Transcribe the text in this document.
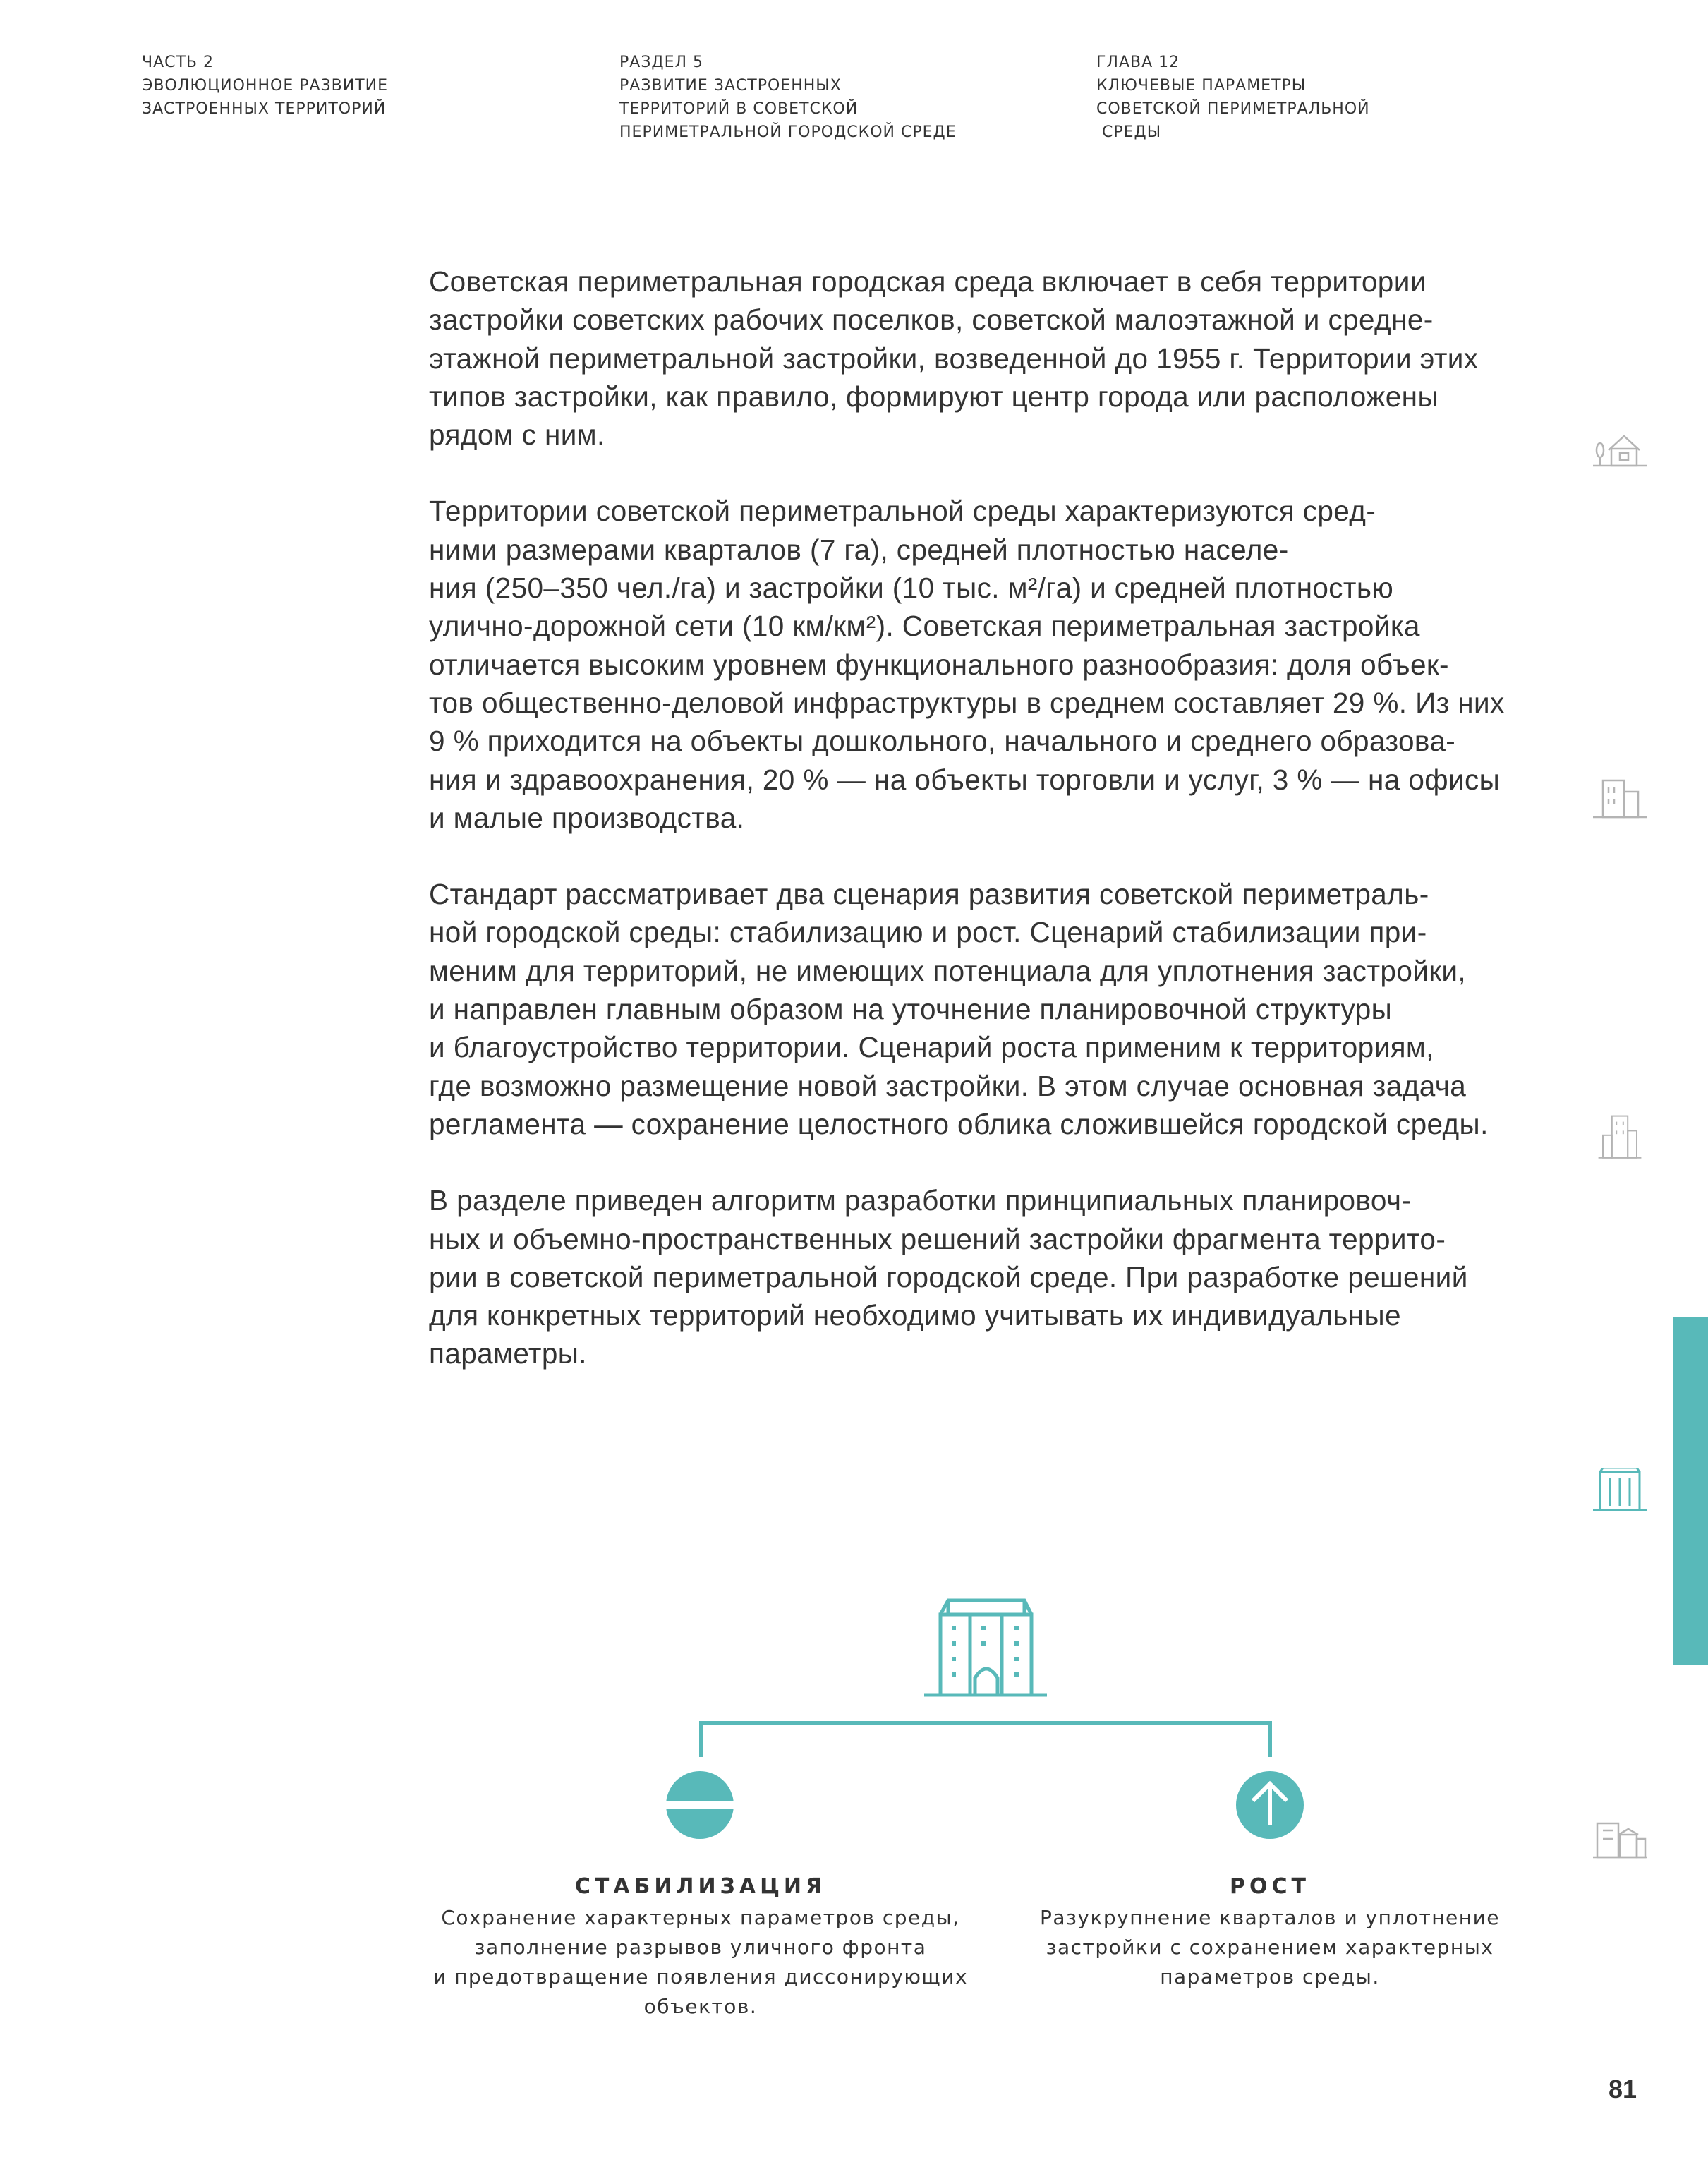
ЧАСТЬ 2
ЭВОЛЮЦИОННОЕ РАЗВИТИЕ
ЗАСТРОЕННЫХ ТЕРРИТОРИЙ
РАЗДЕЛ 5
РАЗВИТИЕ ЗАСТРОЕННЫХ
ТЕРРИТОРИЙ В СОВЕТСКОЙ
ПЕРИМЕТРАЛЬНОЙ ГОРОДСКОЙ СРЕДЕ
ГЛАВА 12
КЛЮЧЕВЫЕ ПАРАМЕТРЫ
СОВЕТСКОЙ ПЕРИМЕТРАЛЬНОЙ
СРЕДЫ

Советская периметральная городская среда включает в себя территории
застройки советских рабочих поселков, советской малоэтажной и средне-
этажной периметральной застройки, возведенной до 1955 г. Территории этих
типов застройки, как правило, формируют центр города или расположены
рядом с ним.

Территории советской периметральной среды характеризуются сред-
ними размерами кварталов (7 га), средней плотностью населе-
ния (250–350 чел./га) и застройки (10 тыс. м²/га) и средней плотностью
улично-дорожной сети (10 км/км²). Советская периметральная застройка
отличается высоким уровнем функционального разнообразия: доля объек-
тов общественно-деловой инфраструктуры в среднем составляет 29 %. Из них
9 % приходится на объекты дошкольного, начального и среднего образова-
ния и здравоохранения, 20 % — на объекты торговли и услуг, 3 % — на офисы
и малые производства.

Стандарт рассматривает два сценария развития советской периметраль-
ной городской среды: стабилизацию и рост. Сценарий стабилизации при-
меним для территорий, не имеющих потенциала для уплотнения застройки,
и направлен главным образом на уточнение планировочной структуры
и благоустройство территории. Сценарий роста применим к территориям,
где возможно размещение новой застройки. В этом случае основная задача
регламента — сохранение целостного облика сложившейся городской среды.

В разделе приведен алгоритм разработки принципиальных планировоч-
ных и объемно-пространственных решений застройки фрагмента террито-
рии в советской периметральной городской среде. При разработке решений
для конкретных территорий необходимо учитывать их индивидуальные
параметры.

СТАБИЛИЗАЦИЯ
Сохранение характерных параметров среды,
заполнение разрывов уличного фронта
и предотвращение появления диссонирующих
объектов.
РОСТ
Разукрупнение кварталов и уплотнение
застройки с сохранением характерных
параметров среды.
81
